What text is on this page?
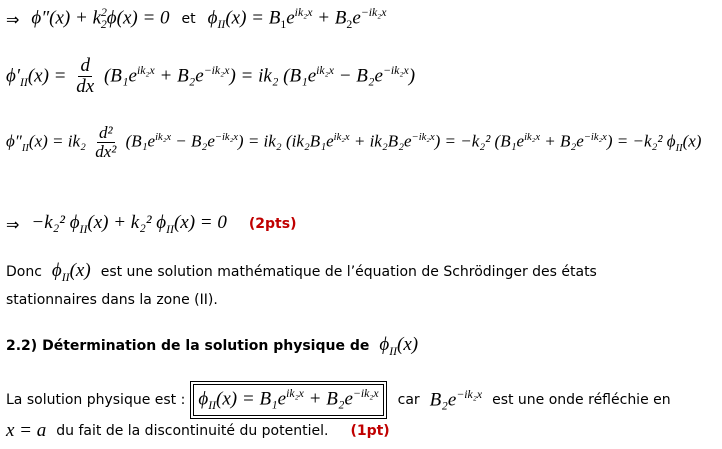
⇒ $\phi''(x) + k^2_2\phi(x) = 0$ et $\phi_{II}(x) = B_1e^{ik_2x} + B_2e^{-ik_2x}$
$\phi'_{II}(x) = \frac{d}{dx} (B_1e^{ik_2x} + B_2e^{-ik_2x}) = ik_2$ $(B_1e^{ik_2x} - B_2e^{-ik_2x})$
$\phi''_{II}(x) = ik_2 \frac{\text{d²}}{\text{dx²}} (B_1e^{ik_2x} - B_2e^{-ik_2x}) = ik_2$ $(ik_2B_1e^{ik_2x} + ik_2B_2e^{-ik_2x}) = -k_2^2$ $(B_1e^{ik_2x} + B_2e^{-ik_2x}) = -k_2^2$ $\phi_{II}(x)$
⇒ −k₂² $\phi_{II}(x) + k_2^2$ $\phi_{II}(x) = 0$ (2pts)
Donc $\phi_{II}(x)$ est une solution mathématique de l’équation de Schrödinger des états
stationnaires dans la zone (II).
2.2) Détermination de la solution physique de $\phi_{II}(x)$
La solution physique est : $\phi_{II}(x) = B_1e^{ik_2x} + B_2e^{-ik_2x}$	car $B_2e^{-ik_2x}$ est une onde réfléchie en
x = a du fait de la discontinuité du potentiel. (1pt)
